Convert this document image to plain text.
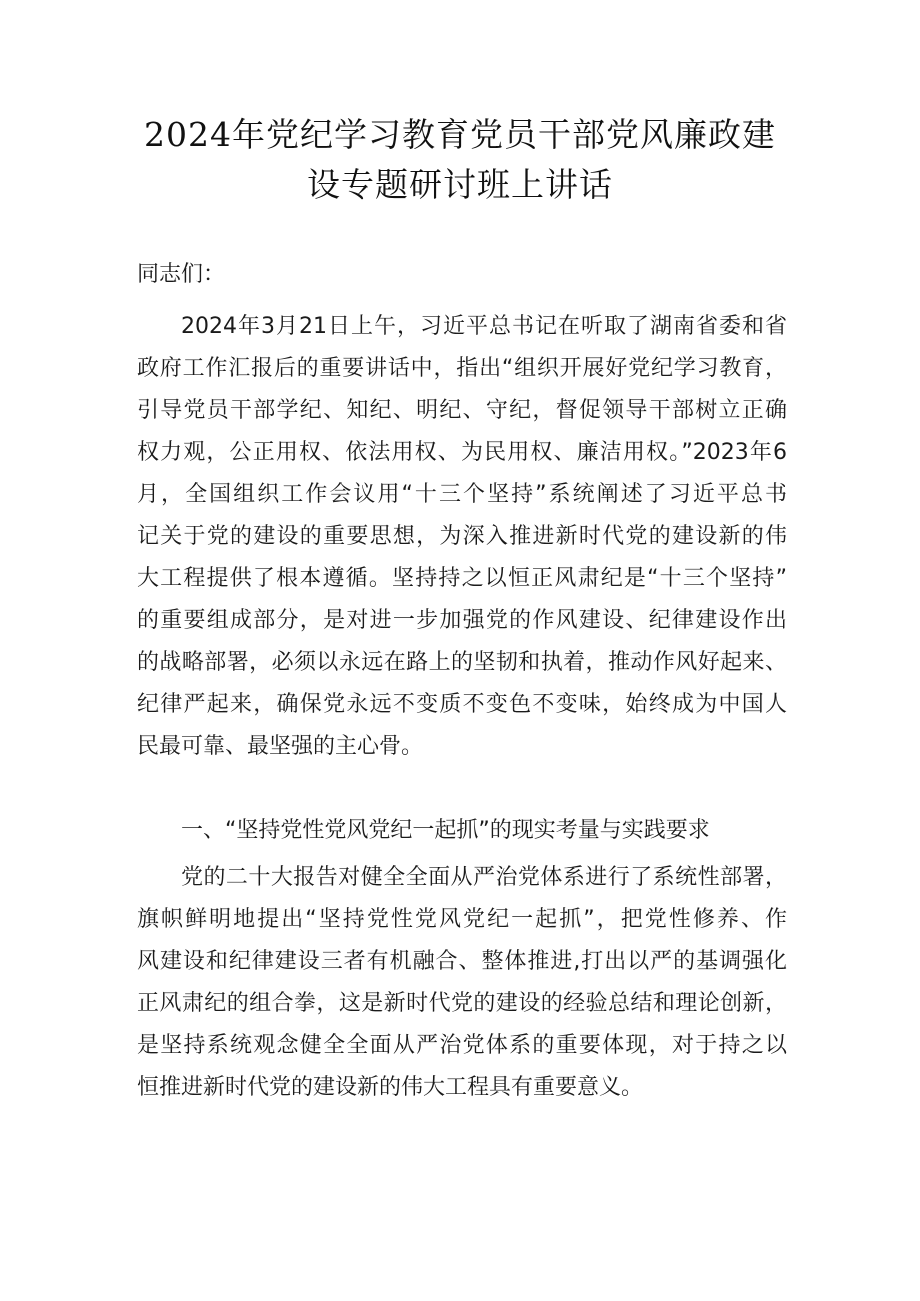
2024年党纪学习教育党员干部党风廉政建
设专题研讨班上讲话
同志们：
2024年3月21日上午，习近平总书记在听取了湖南省委和省
政府工作汇报后的重要讲话中，指出“组织开展好党纪学习教育，
引导党员干部学纪、知纪、明纪、守纪，督促领导干部树立正确
权力观，公正用权、依法用权、为民用权、廉洁用权。”2023年6
月，全国组织工作会议用“十三个坚持”系统阐述了习近平总书
记关于党的建设的重要思想，为深入推进新时代党的建设新的伟
大工程提供了根本遵循。坚持持之以恒正风肃纪是“十三个坚持”
的重要组成部分，是对进一步加强党的作风建设、纪律建设作出
的战略部署，必须以永远在路上的坚韧和执着，推动作风好起来、
纪律严起来，确保党永远不变质不变色不变味，始终成为中国人
民最可靠、最坚强的主心骨。
一、“坚持党性党风党纪一起抓”的现实考量与实践要求
党的二十大报告对健全全面从严治党体系进行了系统性部署，
旗帜鲜明地提出“坚持党性党风党纪一起抓”，把党性修养、作
风建设和纪律建设三者有机融合、整体推进,打出以严的基调强化
正风肃纪的组合拳，这是新时代党的建设的经验总结和理论创新，
是坚持系统观念健全全面从严治党体系的重要体现，对于持之以
恒推进新时代党的建设新的伟大工程具有重要意义。
